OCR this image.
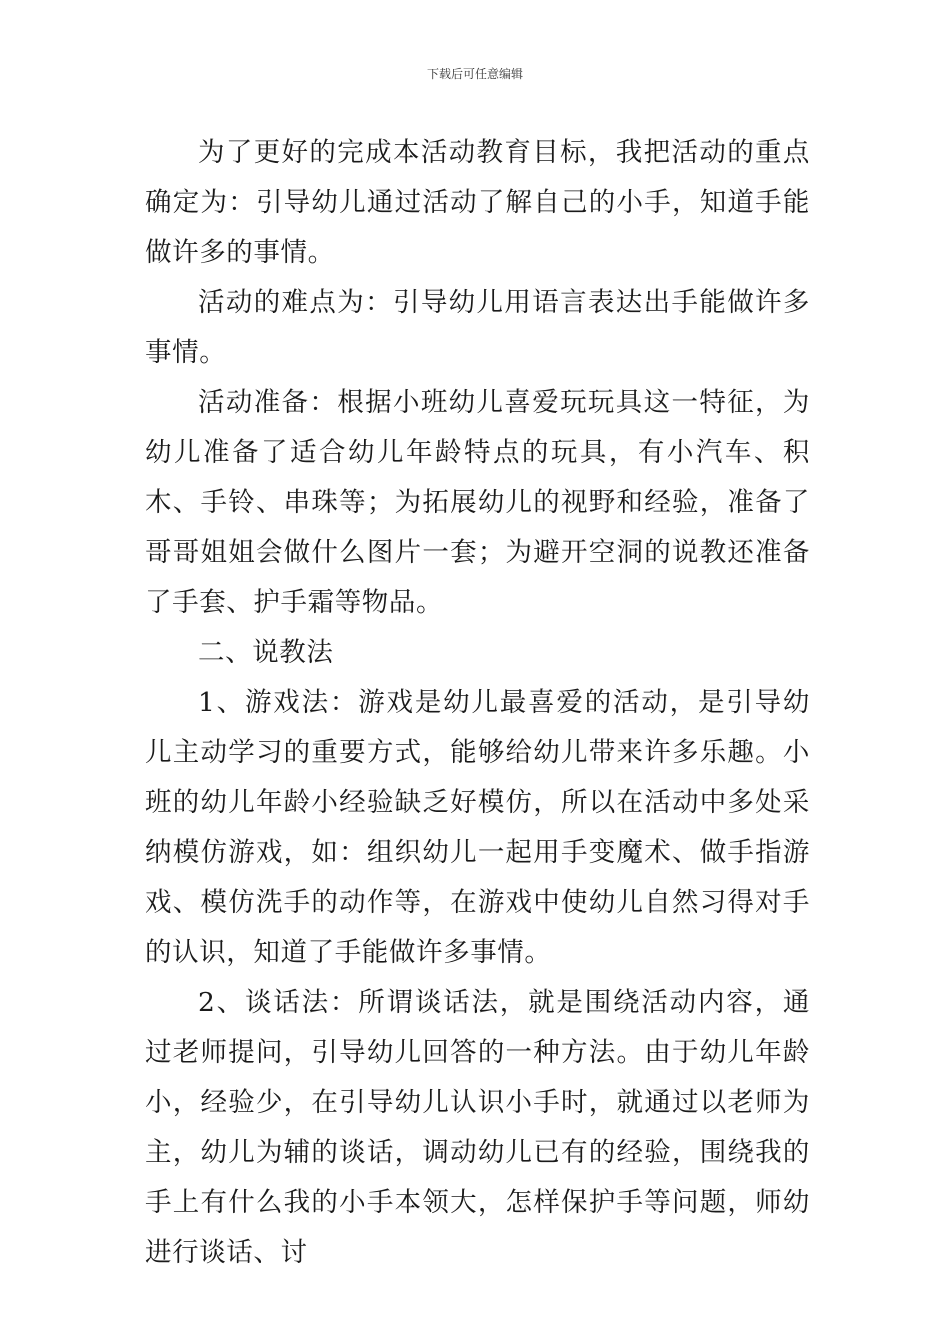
下载后可任意编辑

为了更好的完成本活动教育目标，我把活动的重点确定为：引导幼儿通过活动了解自己的小手，知道手能做许多的事情。

活动的难点为：引导幼儿用语言表达出手能做许多事情。

活动准备：根据小班幼儿喜爱玩玩具这一特征，为幼儿准备了适合幼儿年龄特点的玩具，有小汽车、积木、手铃、串珠等；为拓展幼儿的视野和经验，准备了哥哥姐姐会做什么图片一套；为避开空洞的说教还准备了手套、护手霜等物品。

二、说教法

1、游戏法：游戏是幼儿最喜爱的活动，是引导幼儿主动学习的重要方式，能够给幼儿带来许多乐趣。小班的幼儿年龄小经验缺乏好模仿，所以在活动中多处采纳模仿游戏，如：组织幼儿一起用手变魔术、做手指游戏、模仿洗手的动作等，在游戏中使幼儿自然习得对手的认识，知道了手能做许多事情。

2、谈话法：所谓谈话法，就是围绕活动内容，通过老师提问，引导幼儿回答的一种方法。由于幼儿年龄小，经验少，在引导幼儿认识小手时，就通过以老师为主，幼儿为辅的谈话，调动幼儿已有的经验，围绕我的手上有什么我的小手本领大，怎样保护手等问题，师幼进行谈话、讨
